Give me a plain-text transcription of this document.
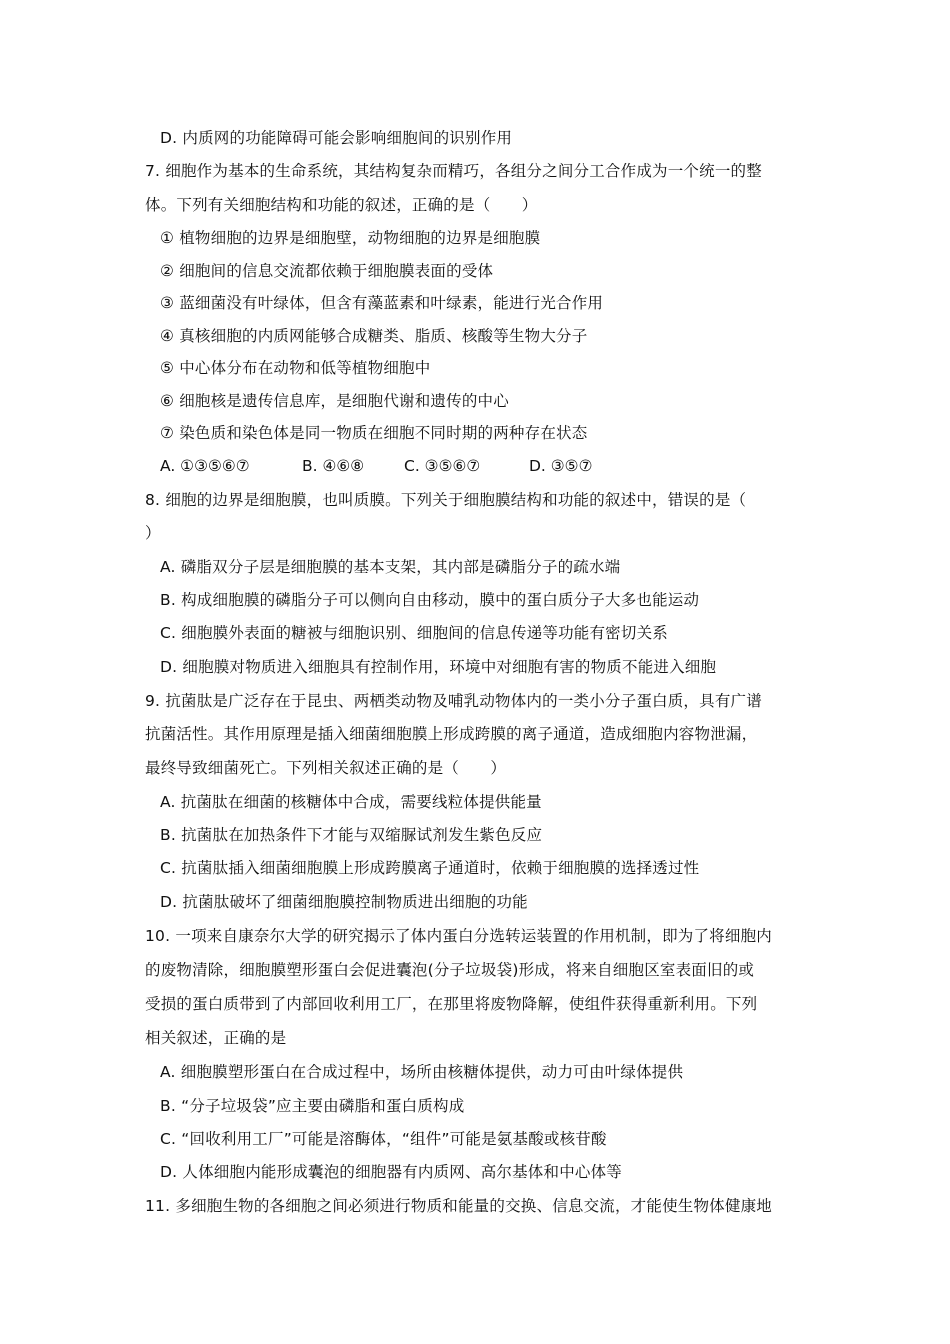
D. 内质网的功能障碍可能会影响细胞间的识别作用
7. 细胞作为基本的生命系统，其结构复杂而精巧，各组分之间分工合作成为一个统一的整
体。下列有关细胞结构和功能的叙述，正确的是（　　）
① 植物细胞的边界是细胞壁，动物细胞的边界是细胞膜
② 细胞间的信息交流都依赖于细胞膜表面的受体
③ 蓝细菌没有叶绿体，但含有藻蓝素和叶绿素，能进行光合作用
④ 真核细胞的内质网能够合成糖类、脂质、核酸等生物大分子
⑤ 中心体分布在动物和低等植物细胞中
⑥ 细胞核是遗传信息库，是细胞代谢和遗传的中心
⑦ 染色质和染色体是同一物质在细胞不同时期的两种存在状态
A. ①③⑤⑥⑦	B. ④⑥⑧	C. ③⑤⑥⑦	D. ③⑤⑦
8. 细胞的边界是细胞膜，也叫质膜。下列关于细胞膜结构和功能的叙述中，错误的是（
）
A. 磷脂双分子层是细胞膜的基本支架，其内部是磷脂分子的疏水端
B. 构成细胞膜的磷脂分子可以侧向自由移动，膜中的蛋白质分子大多也能运动
C. 细胞膜外表面的糖被与细胞识别、细胞间的信息传递等功能有密切关系
D. 细胞膜对物质进入细胞具有控制作用，环境中对细胞有害的物质不能进入细胞
9. 抗菌肽是广泛存在于昆虫、两栖类动物及哺乳动物体内的一类小分子蛋白质，具有广谱
抗菌活性。其作用原理是插入细菌细胞膜上形成跨膜的离子通道，造成细胞内容物泄漏，
最终导致细菌死亡。下列相关叙述正确的是（　　）
A. 抗菌肽在细菌的核糖体中合成，需要线粒体提供能量
B. 抗菌肽在加热条件下才能与双缩脲试剂发生紫色反应
C. 抗菌肽插入细菌细胞膜上形成跨膜离子通道时，依赖于细胞膜的选择透过性
D. 抗菌肽破坏了细菌细胞膜控制物质进出细胞的功能
10. 一项来自康奈尔大学的研究揭示了体内蛋白分选转运装置的作用机制，即为了将细胞内
的废物清除，细胞膜塑形蛋白会促进囊泡(分子垃圾袋)形成，将来自细胞区室表面旧的或
受损的蛋白质带到了内部回收利用工厂，在那里将废物降解，使组件获得重新利用。下列
相关叙述，正确的是
A. 细胞膜塑形蛋白在合成过程中，场所由核糖体提供，动力可由叶绿体提供
B. “分子垃圾袋”应主要由磷脂和蛋白质构成
C. “回收利用工厂”可能是溶酶体，“组件”可能是氨基酸或核苷酸
D. 人体细胞内能形成囊泡的细胞器有内质网、高尔基体和中心体等
11. 多细胞生物的各细胞之间必须进行物质和能量的交换、信息交流，才能使生物体健康地
